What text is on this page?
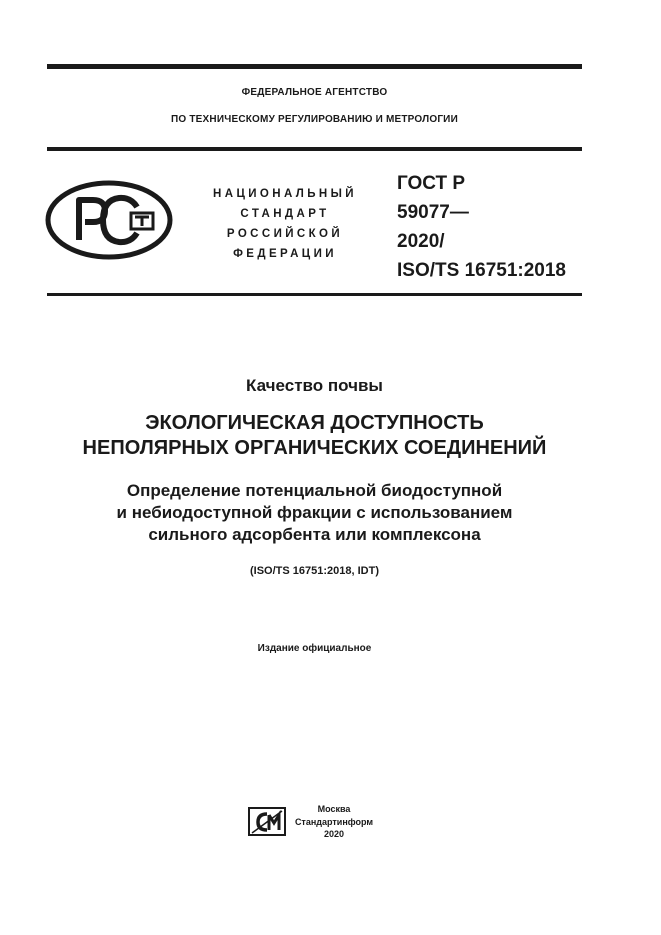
ФЕДЕРАЛЬНОЕ АГЕНТСТВО
ПО ТЕХНИЧЕСКОМУ РЕГУЛИРОВАНИЮ И МЕТРОЛОГИИ
НАЦИОНАЛЬНЫЙ
СТАНДАРТ
РОССИЙСКОЙ
ФЕДЕРАЦИИ
ГОСТ Р
59077—
2020/
ISO/TS 16751:2018
Качество почвы
ЭКОЛОГИЧЕСКАЯ ДОСТУПНОСТЬ
НЕПОЛЯРНЫХ ОРГАНИЧЕСКИХ СОЕДИНЕНИЙ
Определение потенциальной биодоступной
и небиодоступной фракции с использованием
сильного адсорбента или комплексона
(ISO/TS 16751:2018, IDT)
Издание официальное
Москва
Стандартинформ
2020
